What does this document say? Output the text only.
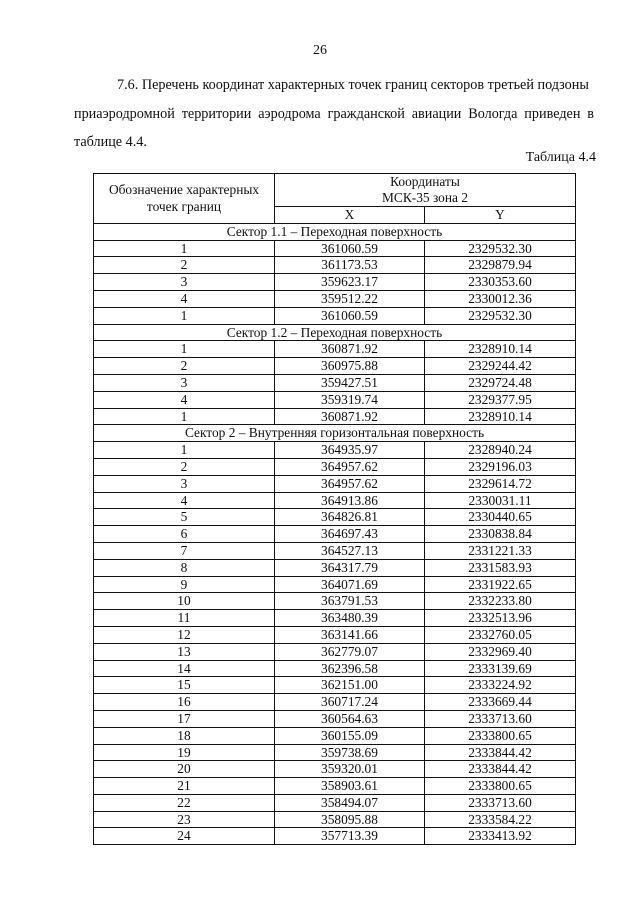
26
7.6. Перечень координат характерных точек границ секторов третьей подзоны
приаэродромной территории аэродрома гражданской авиации Вологда приведен в таблице 4.4.
Таблица 4.4
Обозначение характерных точек границ	Координаты
МСК-35 зона 2	

	X	Y
Сектор 1.1 – Переходная поверхность		
1	361060.59	2329532.30
2	361173.53	2329879.94
3	359623.17	2330353.60
4	359512.22	2330012.36
1	361060.59	2329532.30
Сектор 1.2 – Переходная поверхность		
1	360871.92	2328910.14
2	360975.88	2329244.42
3	359427.51	2329724.48
4	359319.74	2329377.95
1	360871.92	2328910.14
Сектор 2 – Внутренняя горизонтальная поверхность		
1	364935.97	2328940.24
2	364957.62	2329196.03
3	364957.62	2329614.72
4	364913.86	2330031.11
5	364826.81	2330440.65
6	364697.43	2330838.84
7	364527.13	2331221.33
8	364317.79	2331583.93
9	364071.69	2331922.65
10	363791.53	2332233.80
11	363480.39	2332513.96
12	363141.66	2332760.05
13	362779.07	2332969.40
14	362396.58	2333139.69
15	362151.00	2333224.92
16	360717.24	2333669.44
17	360564.63	2333713.60
18	360155.09	2333800.65
19	359738.69	2333844.42
20	359320.01	2333844.42
21	358903.61	2333800.65
22	358494.07	2333713.60
23	358095.88	2333584.22
24	357713.39	2333413.92
